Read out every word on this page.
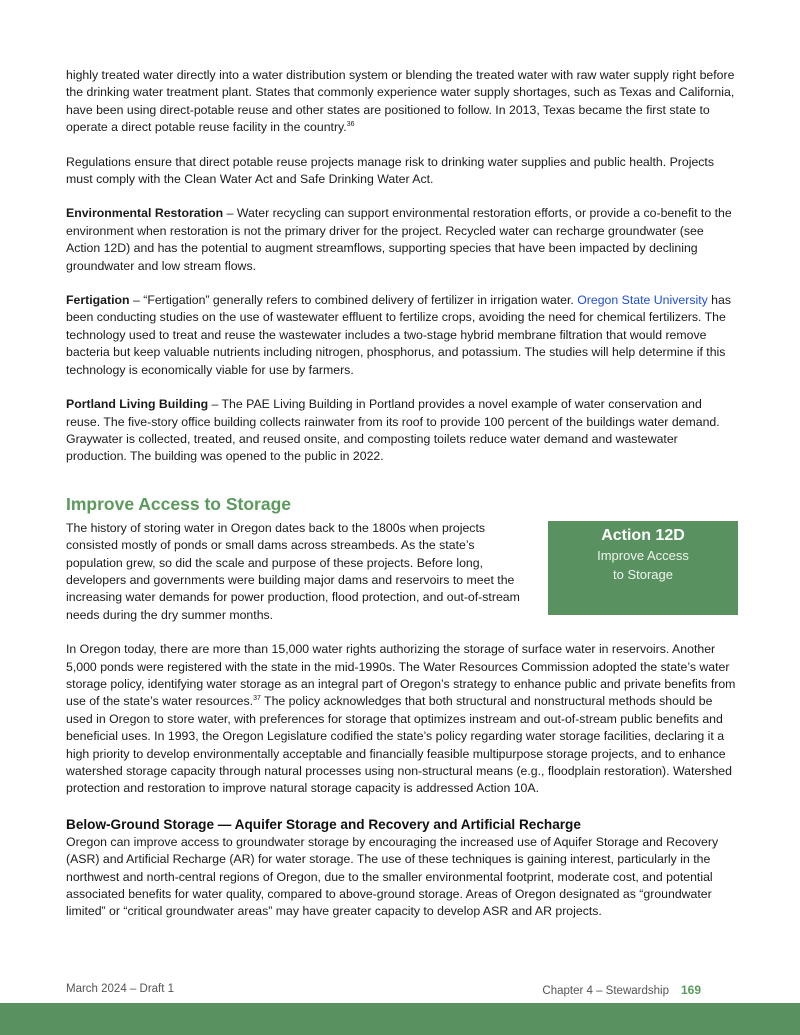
highly treated water directly into a water distribution system or blending the treated water with raw water supply right before the drinking water treatment plant. States that commonly experience water supply shortages, such as Texas and California, have been using direct-potable reuse and other states are positioned to follow. In 2013, Texas became the first state to operate a direct potable reuse facility in the country.$^{36}$

Regulations ensure that direct potable reuse projects manage risk to drinking water supplies and public health. Projects must comply with the Clean Water Act and Safe Drinking Water Act.

Environmental Restoration – Water recycling can support environmental restoration efforts, or provide a co-benefit to the environment when restoration is not the primary driver for the project. Recycled water can recharge groundwater (see Action 12D) and has the potential to augment streamflows, supporting species that have been impacted by declining groundwater and low stream flows.

Fertigation – “Fertigation” generally refers to combined delivery of fertilizer in irrigation water. Oregon State University has been conducting studies on the use of wastewater effluent to fertilize crops, avoiding the need for chemical fertilizers. The technology used to treat and reuse the wastewater includes a two-stage hybrid membrane filtration that would remove bacteria but keep valuable nutrients including nitrogen, phosphorus, and potassium. The studies will help determine if this technology is economically viable for use by farmers.

Portland Living Building – The PAE Living Building in Portland provides a novel example of water conservation and reuse. The five-story office building collects rainwater from its roof to provide 100 percent of the buildings water demand. Graywater is collected, treated, and reused onsite, and composting toilets reduce water demand and wastewater production. The building was opened to the public in 2022.

Improve Access to Storage

The history of storing water in Oregon dates back to the 1800s when projects consisted mostly of ponds or small dams across streambeds. As the state’s population grew, so did the scale and purpose of these projects. Before long, developers and governments were building major dams and reservoirs to meet the increasing water demands for power production, flood protection, and out-of-stream needs during the dry summer months.

Action 12D
Improve Access
to Storage

In Oregon today, there are more than 15,000 water rights authorizing the storage of surface water in reservoirs. Another 5,000 ponds were registered with the state in the mid-1990s. The Water Resources Commission adopted the state’s water storage policy, identifying water storage as an integral part of Oregon’s strategy to enhance public and private benefits from use of the state’s water resources.$^{37}$ The policy acknowledges that both structural and nonstructural methods should be used in Oregon to store water, with preferences for storage that optimizes instream and out-of-stream public benefits and beneficial uses. In 1993, the Oregon Legislature codified the state’s policy regarding water storage facilities, declaring it a high priority to develop environmentally acceptable and financially feasible multipurpose storage projects, and to enhance watershed storage capacity through natural processes using non-structural means (e.g., floodplain restoration). Watershed protection and restoration to improve natural storage capacity is addressed Action 10A.

Below-Ground Storage — Aquifer Storage and Recovery and Artificial Recharge

Oregon can improve access to groundwater storage by encouraging the increased use of Aquifer Storage and Recovery (ASR) and Artificial Recharge (AR) for water storage. The use of these techniques is gaining interest, particularly in the northwest and north-central regions of Oregon, due to the smaller environmental footprint, moderate cost, and potential associated benefits for water quality, compared to above-ground storage. Areas of Oregon designated as “groundwater limited” or “critical groundwater areas” may have greater capacity to develop ASR and AR projects.

March 2024 – Draft 1	Chapter 4 – Stewardship 169
